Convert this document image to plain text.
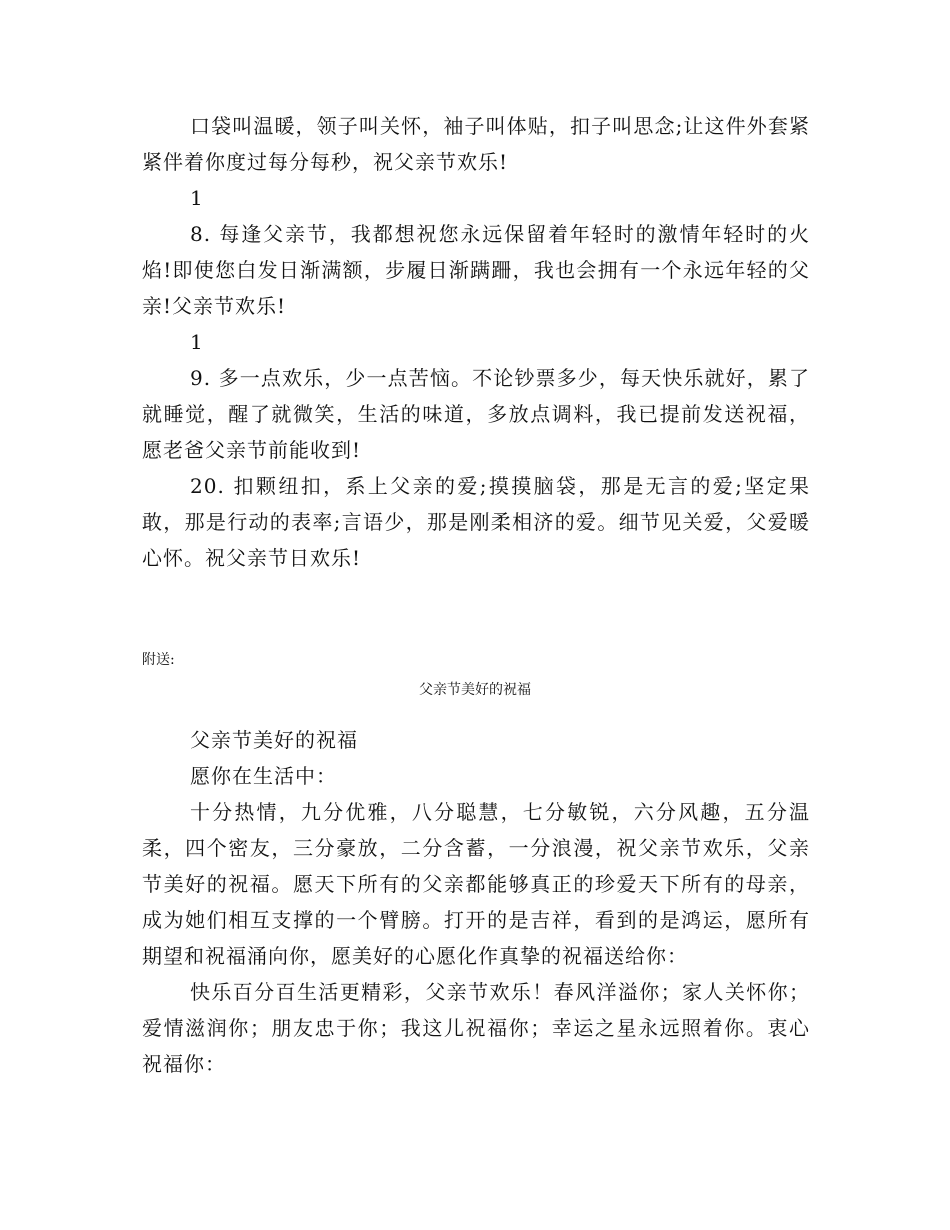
口袋叫温暖，领子叫关怀，袖子叫体贴，扣子叫思念;让这件外套紧紧伴着你度过每分每秒，祝父亲节欢乐!

1

8. 每逢父亲节，我都想祝您永远保留着年轻时的激情年轻时的火焰!即使您白发日渐满额，步履日渐蹒跚，我也会拥有一个永远年轻的父亲!父亲节欢乐!

1

9. 多一点欢乐，少一点苦恼。不论钞票多少，每天快乐就好，累了就睡觉，醒了就微笑，生活的味道，多放点调料，我已提前发送祝福，愿老爸父亲节前能收到!

20. 扣颗纽扣，系上父亲的爱;摸摸脑袋，那是无言的爱;坚定果敢，那是行动的表率;言语少，那是刚柔相济的爱。细节见关爱，父爱暖心怀。祝父亲节日欢乐!

附送:
父亲节美好的祝福

父亲节美好的祝福

愿你在生活中：

十分热情，九分优雅，八分聪慧，七分敏锐，六分风趣，五分温柔，四个密友，三分豪放，二分含蓄，一分浪漫，祝父亲节欢乐，父亲节美好的祝福。愿天下所有的父亲都能够真正的珍爱天下所有的母亲，成为她们相互支撑的一个臂膀。打开的是吉祥，看到的是鸿运，愿所有期望和祝福涌向你，愿美好的心愿化作真挚的祝福送给你：

快乐百分百生活更精彩，父亲节欢乐！春风洋溢你；家人关怀你；爱情滋润你；朋友忠于你；我这儿祝福你；幸运之星永远照着你。衷心祝福你：
